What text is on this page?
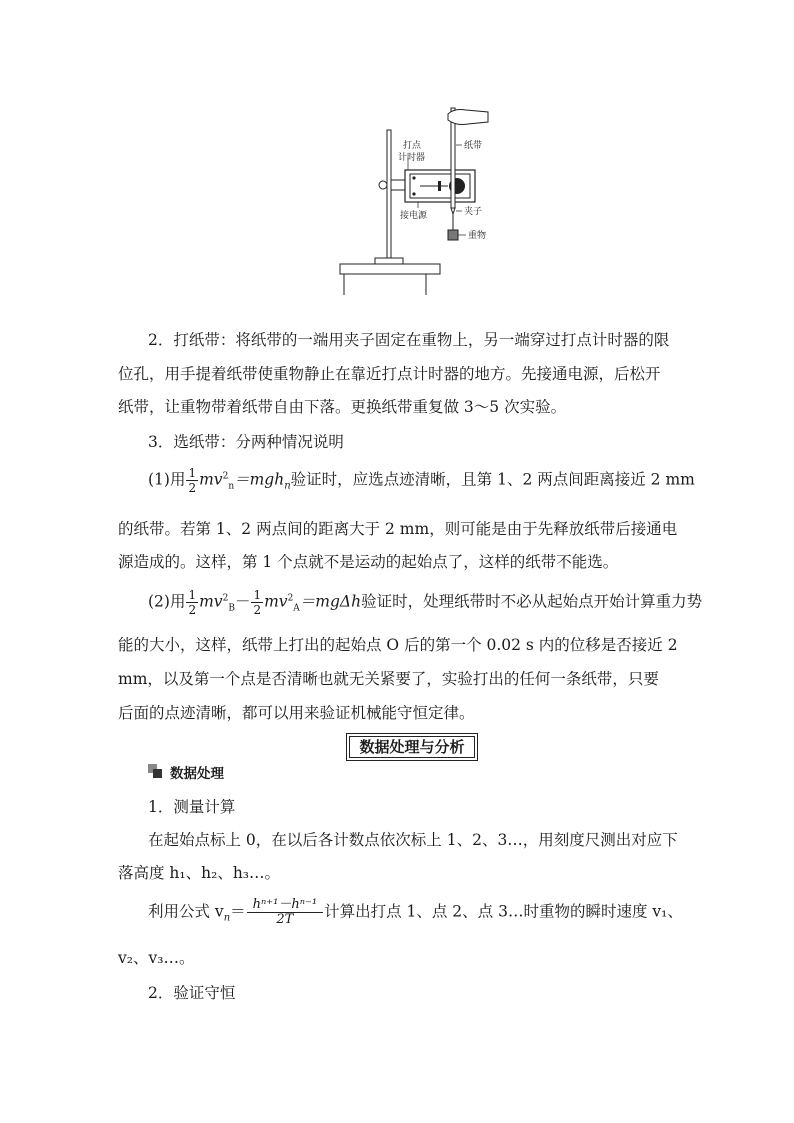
打点
计时器
纸带
接电源	夹子
重物
2．打纸带：将纸带的一端用夹子固定在重物上，另一端穿过打点计时器的限
位孔，用手提着纸带使重物静止在靠近打点计时器的地方。先接通电源，后松开
纸带，让重物带着纸带自由下落。更换纸带重复做 3～5 次实验。
3．选纸带：分两种情况说明
(1)用 $\frac{1}{2} mv^2_n=mgh_n$验证时，应选点迹清晰，且第 1、2 两点间距离接近 2 mm
的纸带。若第 1、2 两点间的距离大于 2 mm，则可能是由于先释放纸带后接通电
源造成的。这样，第 1 个点就不是运动的起始点了，这样的纸带不能选。
(2)用 $\frac{1}{2} mv^2_B- \frac{1}{2} mv^2_A=mg\Delta h$验证时，处理纸带时不必从起始点开始计算重力势
能的大小，这样，纸带上打出的起始点 O 后的第一个 0.02 s 内的位移是否接近 2
mm，以及第一个点是否清晰也就无关紧要了，实验打出的任何一条纸带，只要
后面的点迹清晰，都可以用来验证机械能守恒定律。
数据处理与分析
数据处理
1．测量计算
在起始点标上 0，在以后各计数点依次标上 1、2、3…，用刻度尺测出对应下
落高度 h₁、h₂、h₃…。
利用公式 $v_n= \frac{\text{hⁿ⁺¹－hⁿ⁻¹}}{2T}$ 计算出打点 1、点 2、点 3…时重物的瞬时速度 v₁、
v₂、v₃…。
2．验证守恒
